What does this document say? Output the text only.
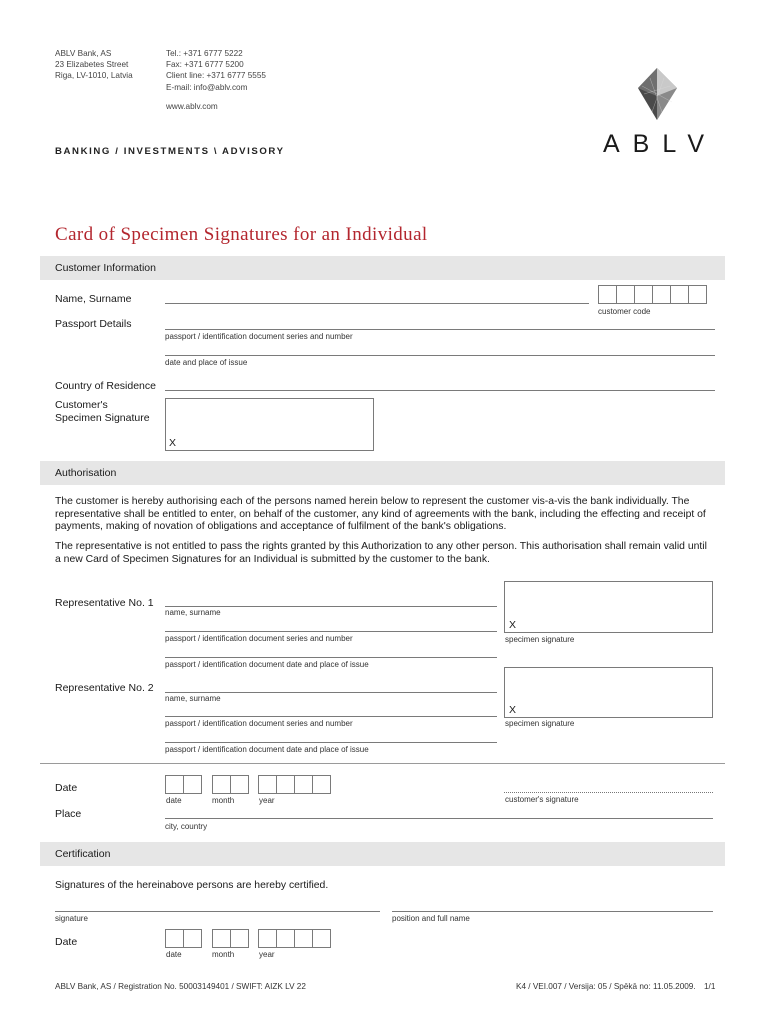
ABLV Bank, AS
23 Elizabetes Street
Riga, LV-1010, Latvia
Tel.: +371 6777 5222
Fax: +371 6777 5200
Client line: +371 6777 5555
E-mail: info@ablv.com
www.ablv.com
ABLV
BANKING / INVESTMENTS \ ADVISORY
Card of Specimen Signatures for an Individual
Customer Information
Name, Surname
customer code
Passport Details
passport / identification document series and number
date and place of issue
Country of Residence
Customer's
Specimen Signature
X
Authorisation
The customer is hereby authorising each of the persons named herein below to represent the customer vis-a-vis the bank individually. The representative shall be entitled to enter, on behalf of the customer, any kind of agreements with the bank, including the effecting and receipt of payments, making of novation of obligations and acceptance of fulfilment of the bank's obligations.
The representative is not entitled to pass the rights granted by this Authorization to any other person. This authorisation shall remain valid until a new Card of Specimen Signatures for an Individual is submitted by the customer to the bank.
Representative No. 1
name, surname
passport / identification document series and number
passport / identification document date and place of issue
X
specimen signature
Representative No. 2
name, surname
passport / identification document series and number
passport / identification document date and place of issue
X
specimen signature
Date
date	month	year	customer's signature
Place
city, country
Certification
Signatures of the hereinabove persons are hereby certified.
signature	position and full name
Date
date	month	year
ABLV Bank, AS / Registration No. 50003149401 / SWIFT: AIZK LV 22	K4 / VEI.007 / Versija: 05 / Spēkā no: 11.05.2009. 1/1
